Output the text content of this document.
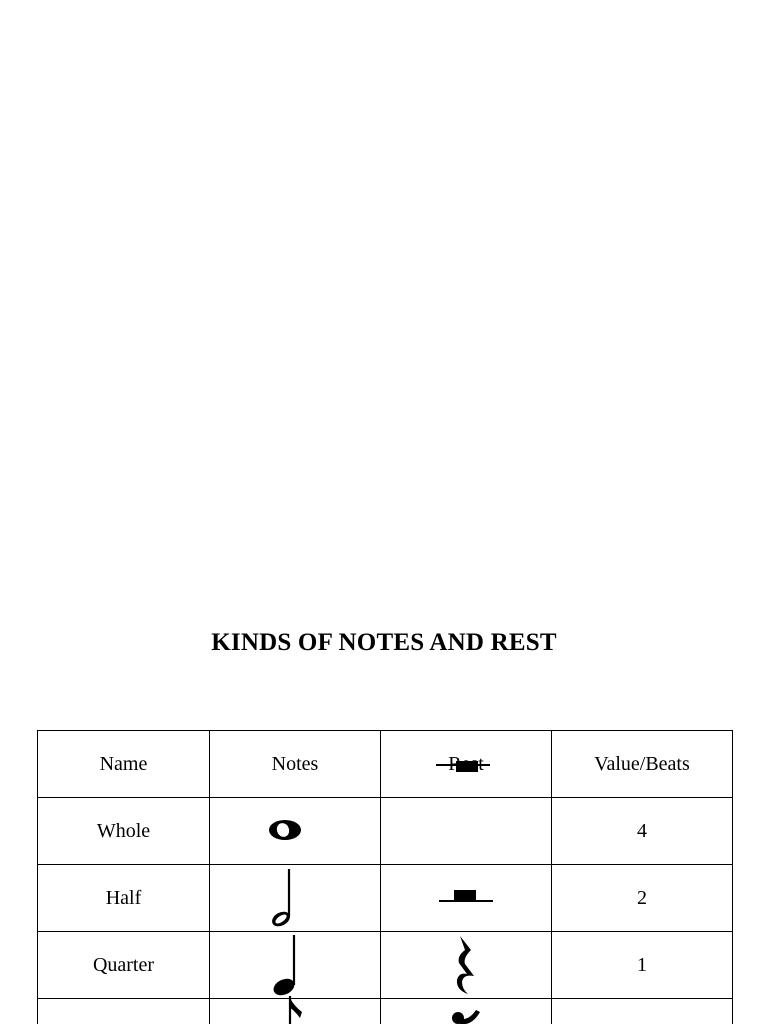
KINDS OF NOTES AND REST
Name	Notes		Value/Beats
Whole			4
Half			2
Quarter			1
